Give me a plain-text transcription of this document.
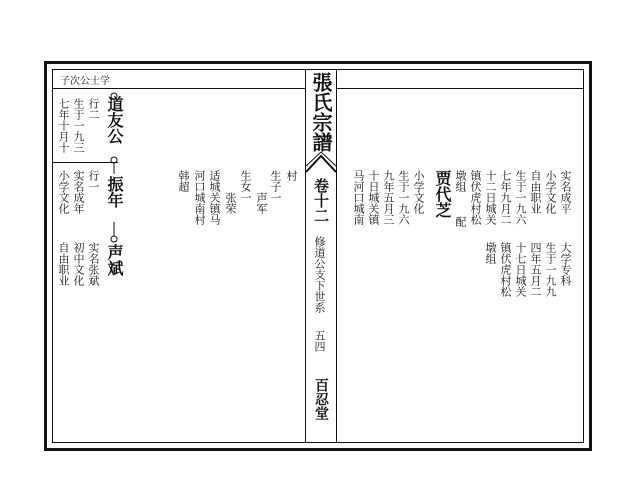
子次公士学	張氏宗譜
卷十二
修道公支下世系
五四
百忍堂
道友公
振年
声斌
七年十月十 生于一九三 行二
小学文化 实名成年 行一
自由职业 初中文化 实名张斌
村
生子一
声军
生女一
张荣
适城关镇马
河口城南村
韩超	实名成平
小学文化
自由职业
生于一九六
七年九月二
十二日城关
镇伏虎村松
墩组
配
贾代芝
小学文化
生于一九六
九年五月三
十日城关镇
马河口城南
大学专科
生于一九九
四年五月二
十七日城关
镇伏虎村松
墩组
